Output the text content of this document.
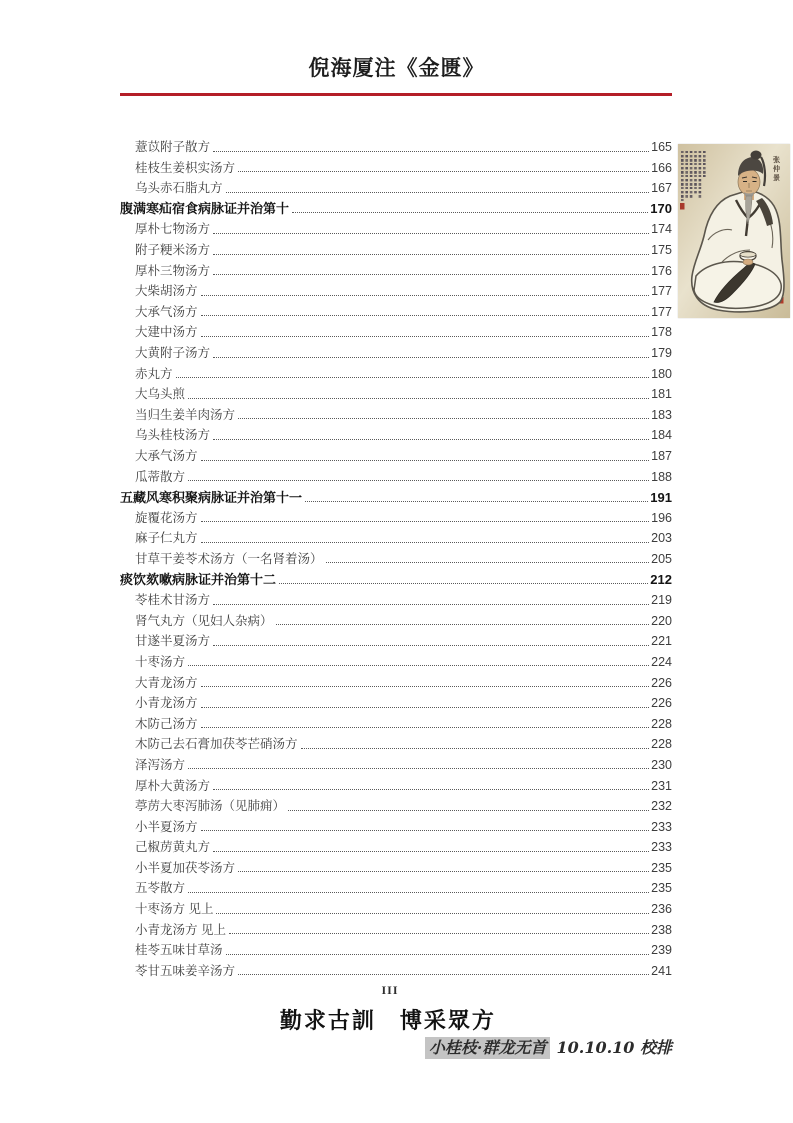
倪海厦注《金匮》
薏苡附子散方	165
桂枝生姜枳实汤方	166
乌头赤石脂丸方	167
腹满寒疝宿食病脉证并治第十	170
厚朴七物汤方	174
附子粳米汤方	175
厚朴三物汤方	176
大柴胡汤方	177
大承气汤方	177
大建中汤方	178
大黄附子汤方	179
赤丸方	180
大乌头煎	181
当归生姜羊肉汤方	183
乌头桂枝汤方	184
大承气汤方	187
瓜蒂散方	188
五藏风寒积聚病脉证并治第十一	191
旋覆花汤方	196
麻子仁丸方	203
甘草干姜苓术汤方（一名肾着汤）	205
痰饮欬嗽病脉证并治第十二	212
苓桂术甘汤方	219
肾气丸方（见妇人杂病）	220
甘遂半夏汤方	221
十枣汤方	224
大青龙汤方	226
小青龙汤方	226
木防己汤方	228
木防己去石膏加茯苓芒硝汤方	228
泽泻汤方	230
厚朴大黄汤方	231
葶苈大枣泻肺汤（见肺痈）	232
小半夏汤方	233
己椒苈黄丸方	233
小半夏加茯苓汤方	235
五苓散方	235
十枣汤方 见上	236
小青龙汤方 见上	238
桂苓五味甘草汤	239
苓甘五味姜辛汤方	241
张
仲
景
III
勤求古訓　博采眾方
小桂枝·群龙无首 10.10.10 校排
